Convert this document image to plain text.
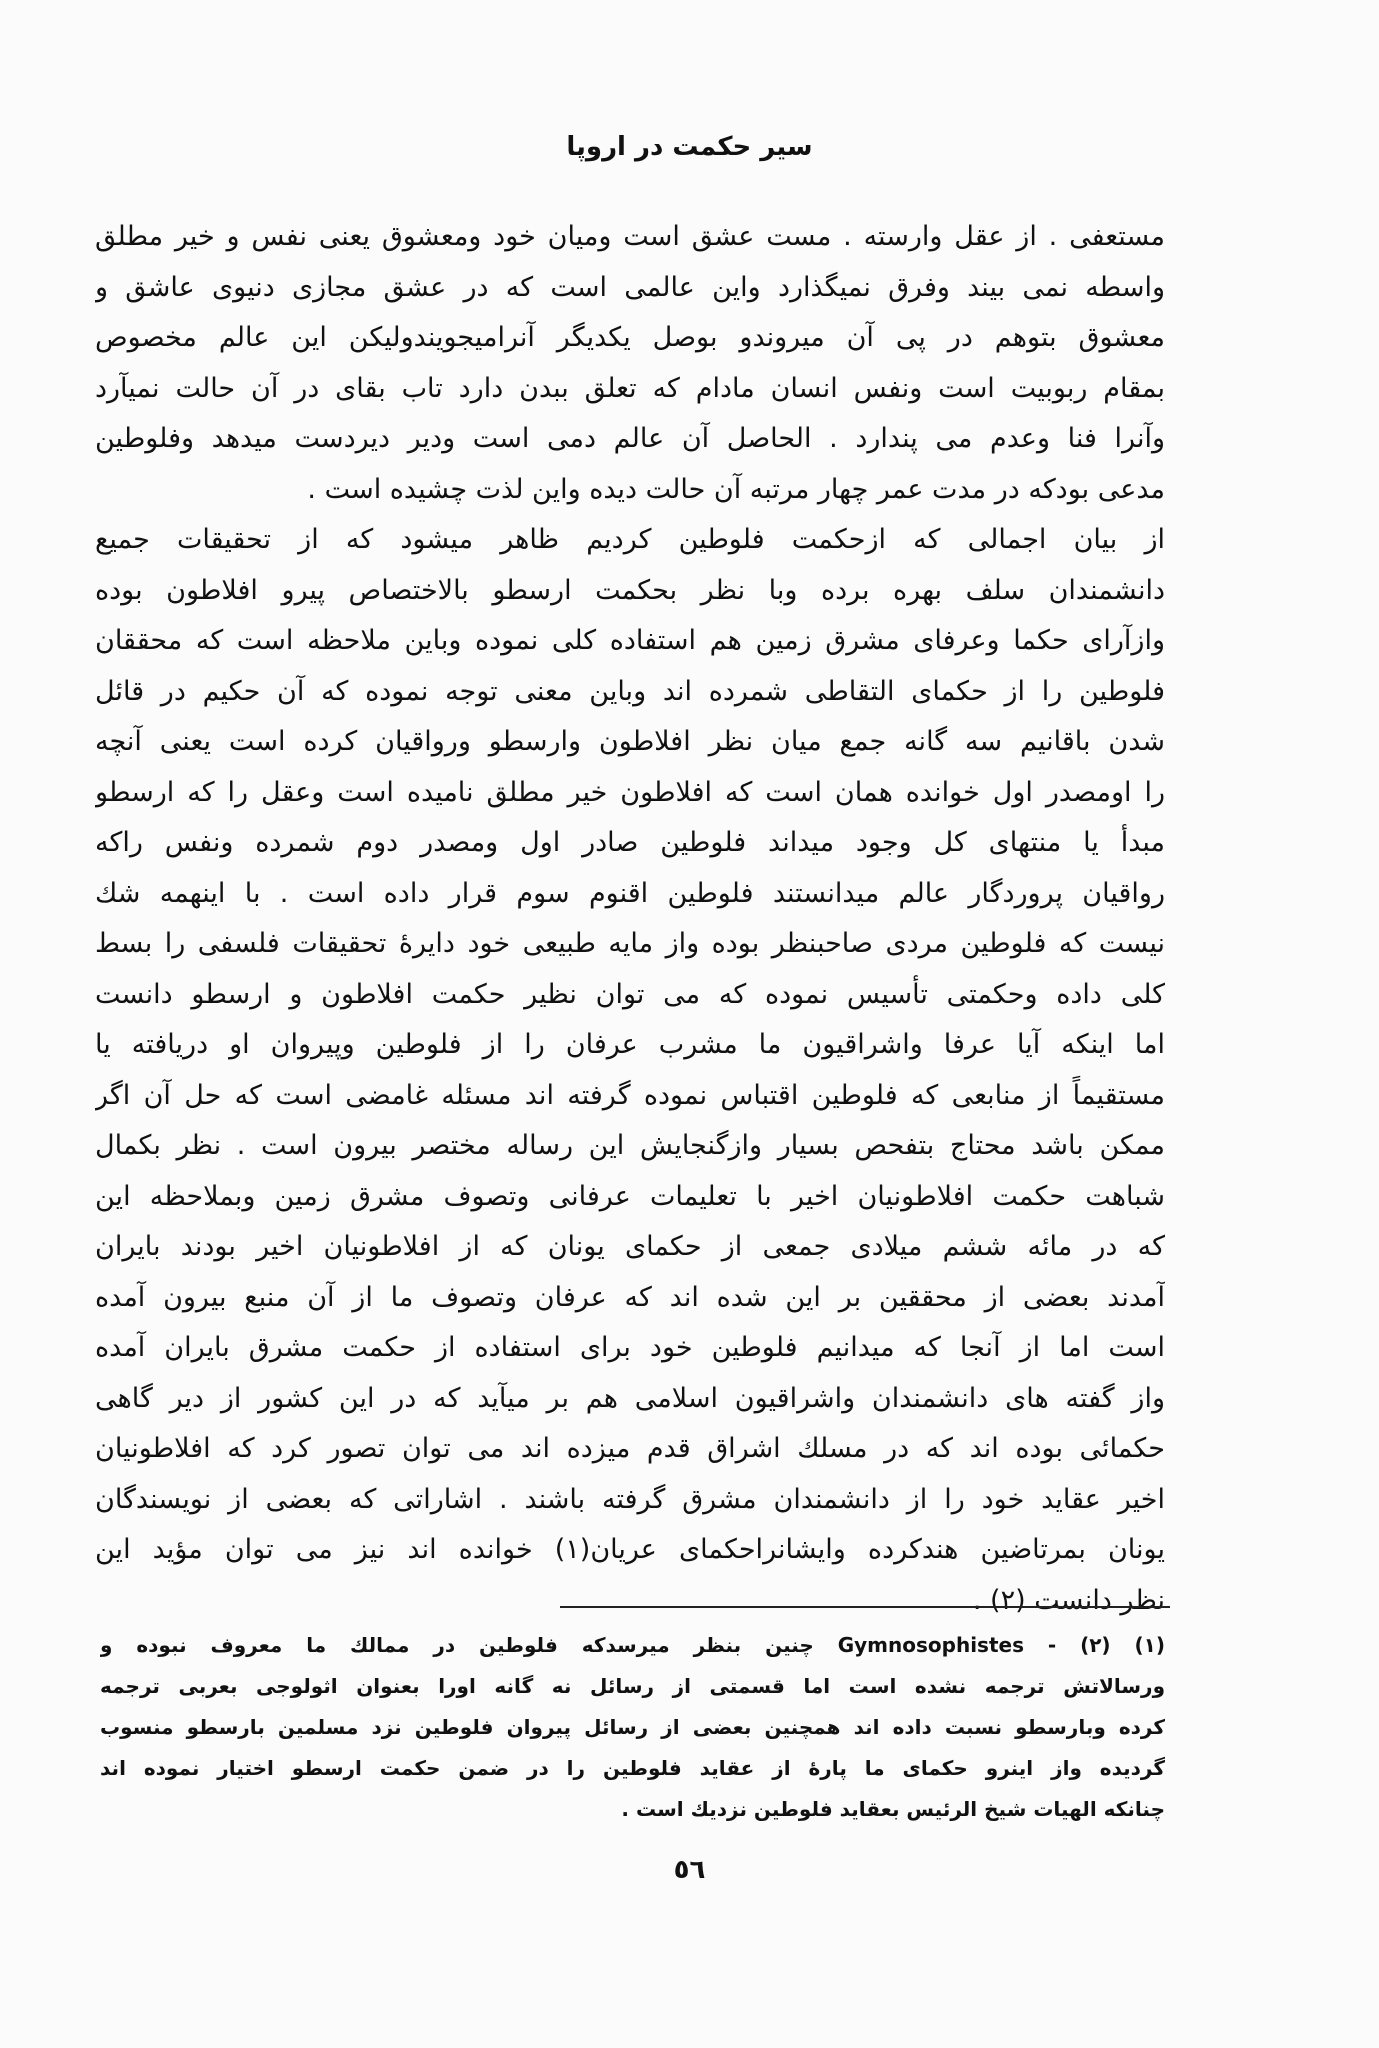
سیر حکمت در اروپا
مستعفی . از عقل وارسته . مست عشق است ومیان خود ومعشوق یعنی نفس و خیر مطلق
واسطه نمی بیند وفرق نمیگذارد واین عالمی است که در عشق مجازی دنیوی عاشق و
معشوق بتوهم در پی آن میروندو بوصل یکدیگر آنرامیجویندولیکن این عالم مخصوص
بمقام ربوبیت است ونفس انسان مادام که تعلق ببدن دارد تاب بقای در آن حالت نمیآرد
وآنرا فنا وعدم می پندارد . الحاصل آن عالم دمی است ودیر دیردست میدهد وفلوطین
مدعی بودکه در مدت عمر چهار مرتبه آن حالت دیده واین لذت چشیده است .
از بیان اجمالی که ازحکمت فلوطین کردیم ظاهر میشود که از تحقیقات جمیع
دانشمندان سلف بهره برده وبا نظر بحکمت ارسطو بالاختصاص پیرو افلاطون بوده
وازآرای حکما وعرفای مشرق زمین هم استفاده کلی نموده وباین ملاحظه است که محققان
فلوطین را از حکمای التقاطی شمرده اند وباین معنی توجه نموده که آن حکیم در قائل
شدن باقانیم سه گانه جمع میان نظر افلاطون وارسطو ورواقیان کرده است یعنی آنچه
را اومصدر اول خوانده همان است که افلاطون خیر مطلق نامیده است وعقل را که ارسطو
مبدأ یا منتهای کل وجود میداند فلوطین صادر اول ومصدر دوم شمرده ونفس راکه
رواقیان پروردگار عالم میدانستند فلوطین اقنوم سوم قرار داده است . با اینهمه شك
نیست که فلوطین مردی صاحبنظر بوده واز مایه طبیعی خود دایرهٔ تحقیقات فلسفی را بسط
کلی داده وحکمتی تأسیس نموده که می توان نظیر حکمت افلاطون و ارسطو دانست
اما اینکه آیا عرفا واشراقیون ما مشرب عرفان را از فلوطین وپیروان او دریافته یا
مستقیماً از منابعی که فلوطین اقتباس نموده گرفته اند مسئله غامضی است که حل آن اگر
ممکن باشد محتاج بتفحص بسیار وازگنجایش این رساله مختصر بیرون است . نظر بکمال
شباهت حکمت افلاطونیان اخیر با تعلیمات عرفانی وتصوف مشرق زمین وبملاحظه این
که در مائه ششم میلادی جمعی از حکمای یونان که از افلاطونیان اخیر بودند بایران
آمدند بعضی از محققین بر این شده اند که عرفان وتصوف ما از آن منبع بیرون آمده
است اما از آنجا که میدانیم فلوطین خود برای استفاده از حکمت مشرق بایران آمده
واز گفته های دانشمندان واشراقیون اسلامی هم بر میآید که در این کشور از دیر گاهی
حکمائی بوده اند که در مسلك اشراق قدم میزده اند می توان تصور کرد که افلاطونیان
اخیر عقاید خود را از دانشمندان مشرق گرفته باشند . اشاراتی که بعضی از نویسندگان
یونان بمرتاضین هندکرده وایشانراحکمای عریان(۱) خوانده اند نیز می توان مؤید این
نظر دانست (۲) .
(۱) Gymnosophistes - (۲) چنین بنظر میرسدکه فلوطین در ممالك ما معروف نبوده و
ورسالاتش ترجمه نشده است اما قسمتی از رسائل نه گانه اورا بعنوان اثولوجی بعربی ترجمه
کرده وبارسطو نسبت داده اند همچنین بعضی از رسائل پیروان فلوطین نزد مسلمین بارسطو منسوب
گردیده واز اینرو حکمای ما پارهٔ از عقاید فلوطین را در ضمن حکمت ارسطو اختیار نموده اند
چنانکه الهیات شیخ الرئیس بعقاید فلوطین نزدیك است .
٥٦
